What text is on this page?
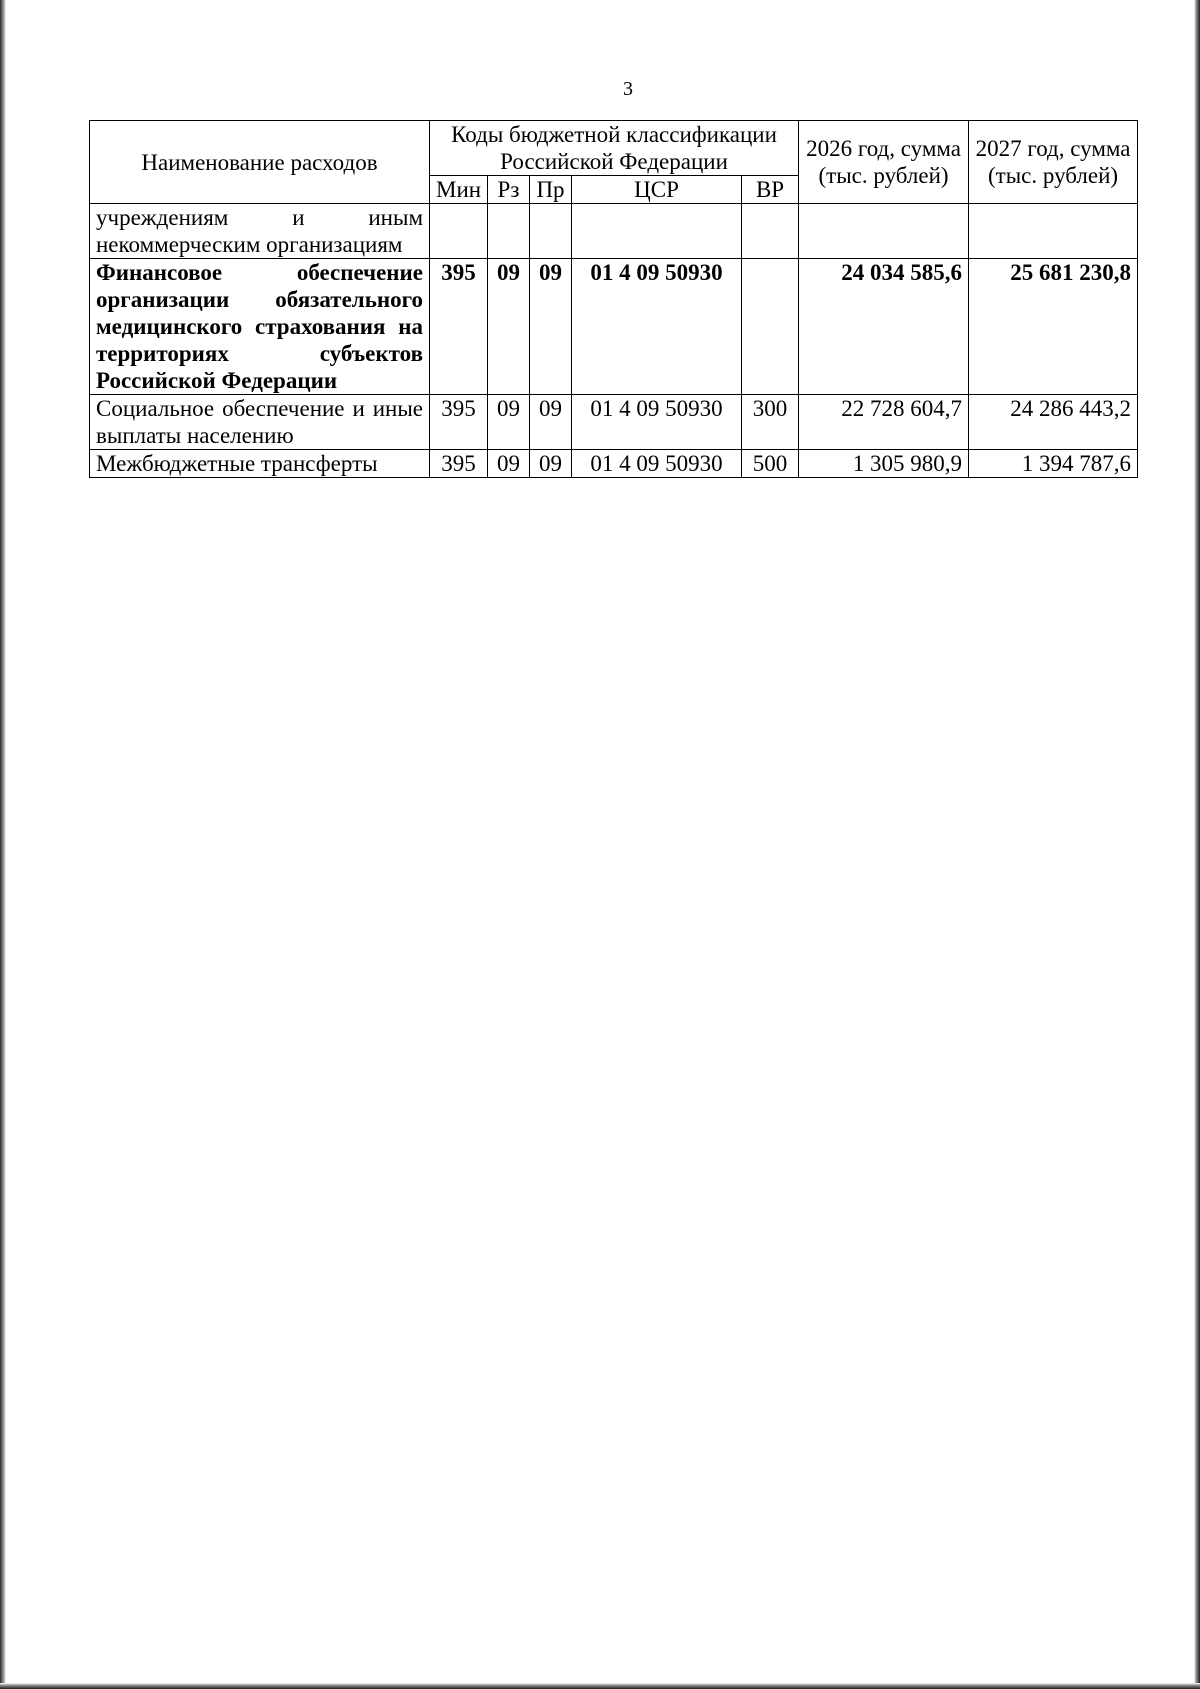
3
Наименование расходов	Коды бюджетной классификации Российской Федерации					2026 год, сумма (тыс. рублей)	2027 год, сумма (тыс. рублей)
	Мин	Рз	Пр	ЦСР	ВР		
учреждениям и иным некоммерческим организациям							
Финансовое обеспечение организации обязательного медицинского страхования на территориях субъектов Российской Федерации	395	09	09	01 4 09 50930		24 034 585,6	25 681 230,8
Социальное обеспечение и иные выплаты населению	395	09	09	01 4 09 50930	300	22 728 604,7	24 286 443,2
Межбюджетные трансферты	395	09	09	01 4 09 50930	500	1 305 980,9	1 394 787,6
